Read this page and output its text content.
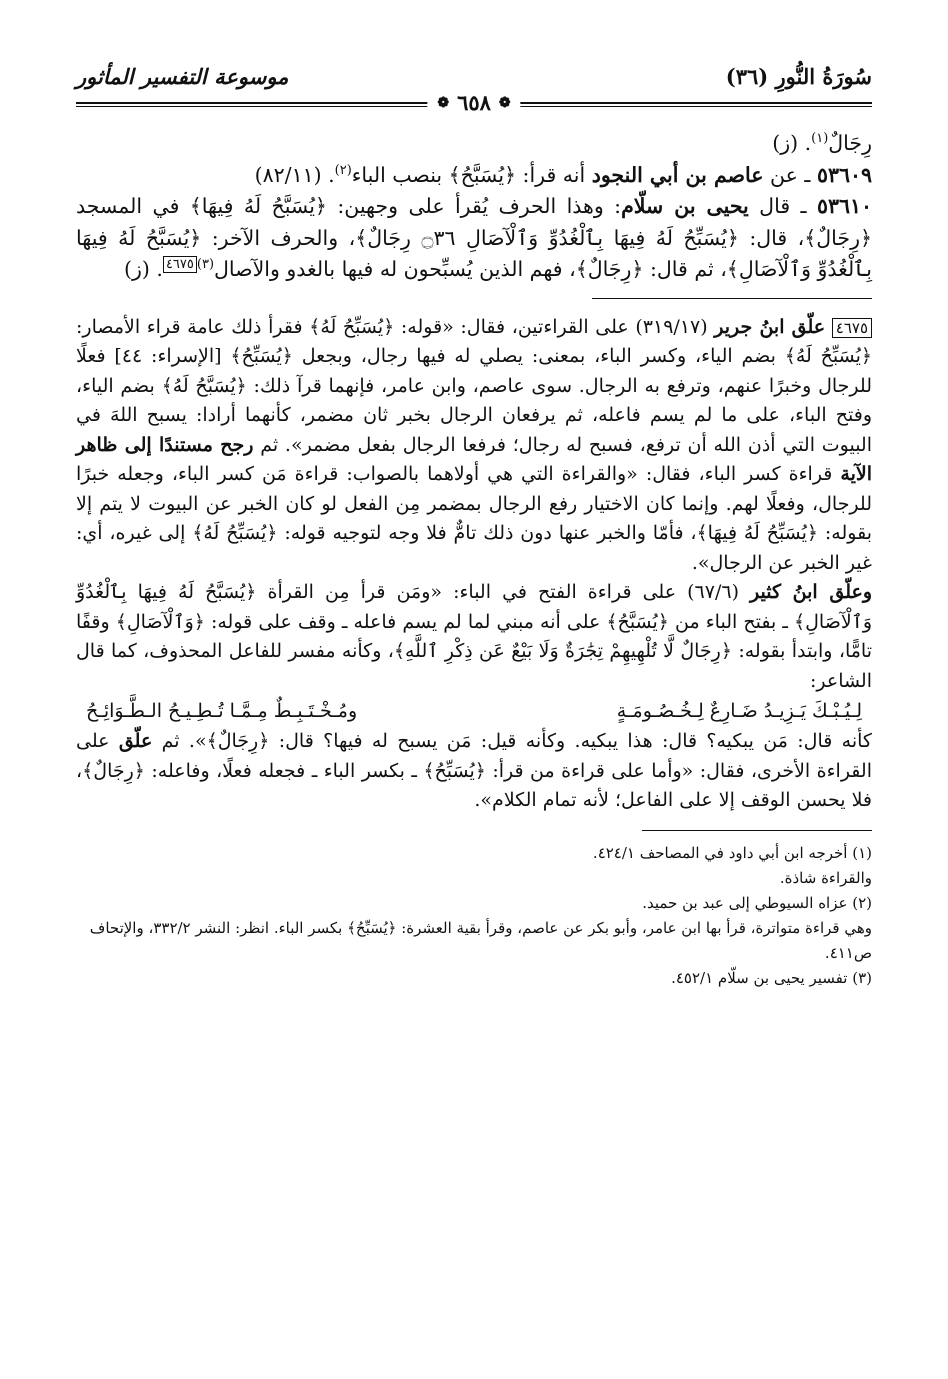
سُورَةُ النُّورِ (٣٦)
موسوعة التفسير المأثور
❁
٦٥٨
❁

رِجَالٌ$^{(١)}$. (ز)

٥٣٦٠٩ ـ عن عاصم بن أبي النجود أنه قرأ: ﴿يُسَبَّحُ﴾ بنصب الباء$^{(٢)}$. (٨٢/١١)

٥٣٦١٠ ـ قال يحيى بن سلّام: وهذا الحرف يُقرأ على وجهين: ﴿يُسَبَّحُ لَهُ فِيهَا﴾ في المسجد ﴿رِجَالٌ﴾، قال: ﴿يُسَبِّحُ لَهُ فِيهَا بِٱلْغُدُوِّ وَٱلْآصَالِ ۝٣٦ رِجَالٌ﴾، والحرف الآخر: ﴿يُسَبَّحُ لَهُ فِيهَا بِٱلْغُدُوِّ وَٱلْآصَالِ﴾، ثم قال: ﴿رِجَالٌ﴾، فهم الذين يُسبِّحون له فيها بالغدو والآصال$^{(٣)}$٤٦٧٥. (ز)

٤٦٧٥ علّق ابنُ جرير (٣١٩/١٧) على القراءتين، فقال: «قوله: ﴿يُسَبِّحُ لَهُ﴾ فقرأ ذلك عامة قراء الأمصار: ﴿يُسَبِّحُ لَهُ﴾ بضم الياء، وكسر الباء، بمعنى: يصلي له فيها رجال، وبجعل ﴿يُسَبِّحُ﴾ [الإسراء: ٤٤] فعلًا للرجال وخبرًا عنهم، وترفع به الرجال. سوى عاصم، وابن عامر، فإنهما قرآ ذلك: ﴿يُسَبَّحُ لَهُ﴾ بضم الياء، وفتح الباء، على ما لم يسم فاعله، ثم يرفعان الرجال بخبر ثان مضمر، كأنهما أرادا: يسبح اللهَ في البيوت التي أذن الله أن ترفع، فسبح له رجال؛ فرفعا الرجال بفعل مضمر». ثم رجح مستندًا إلى ظاهر الآية قراءة كسر الباء، فقال: «والقراءة التي هي أولاهما بالصواب: قراءة مَن كسر الباء، وجعله خبرًا للرجال، وفعلًا لهم. وإنما كان الاختيار رفع الرجال بمضمر مِن الفعل لو كان الخبر عن البيوت لا يتم إلا بقوله: ﴿يُسَبِّحُ لَهُ فِيهَا﴾، فأمّا والخبر عنها دون ذلك تامٌّ فلا وجه لتوجيه قوله: ﴿يُسَبِّحُ لَهُ﴾ إلى غيره، أي: غير الخبر عن الرجال».

وعلّق ابنُ كثير (٦٧/٦) على قراءة الفتح في الباء: «ومَن قرأ مِن القرأة ﴿يُسَبَّحُ لَهُ فِيهَا بِٱلْغُدُوِّ وَٱلْآصَالِ﴾ ـ بفتح الباء من ﴿يُسَبَّحُ﴾ على أنه مبني لما لم يسم فاعله ـ وقف على قوله: ﴿وَٱلْآصَالِ﴾ وقفًا تامًّا، وابتدأ بقوله: ﴿رِجَالٌ لَّا تُلْهِيهِمْ تِجَٰرَةٌ وَلَا بَيْعٌ عَن ذِكْرِ ٱللَّهِ﴾، وكأنه مفسر للفاعل المحذوف، كما قال الشاعر:

لِـيُـبْـكَ يَـزِيـدُ ضَـارِعٌ لِـخُـصُـومَـةٍ
ومُـخْـتَـبِـطٌ مِـمَّـا تُـطِـيـحُ الـطَّـوَائِـحُ

كأنه قال: مَن يبكيه؟ قال: هذا يبكيه. وكأنه قيل: مَن يسبح له فيها؟ قال: ﴿رِجَالٌ﴾». ثم علّق على القراءة الأخرى، فقال: «وأما على قراءة من قرأ: ﴿يُسَبِّحُ﴾ ـ بكسر الباء ـ فجعله فعلًا، وفاعله: ﴿رِجَالٌ﴾، فلا يحسن الوقف إلا على الفاعل؛ لأنه تمام الكلام».

(١) أخرجه ابن أبي داود في المصاحف ٤٢٤/١.

والقراءة شاذة.

(٢) عزاه السيوطي إلى عبد بن حميد.

وهي قراءة متواترة، قرأ بها ابن عامر، وأبو بكر عن عاصم، وقرأ بقية العشرة: ﴿يُسَبِّحُ﴾ بكسر الباء. انظر: النشر ٣٣٢/٢، والإتحاف ص٤١١.

(٣) تفسير يحيى بن سلّام ٤٥٢/١.
